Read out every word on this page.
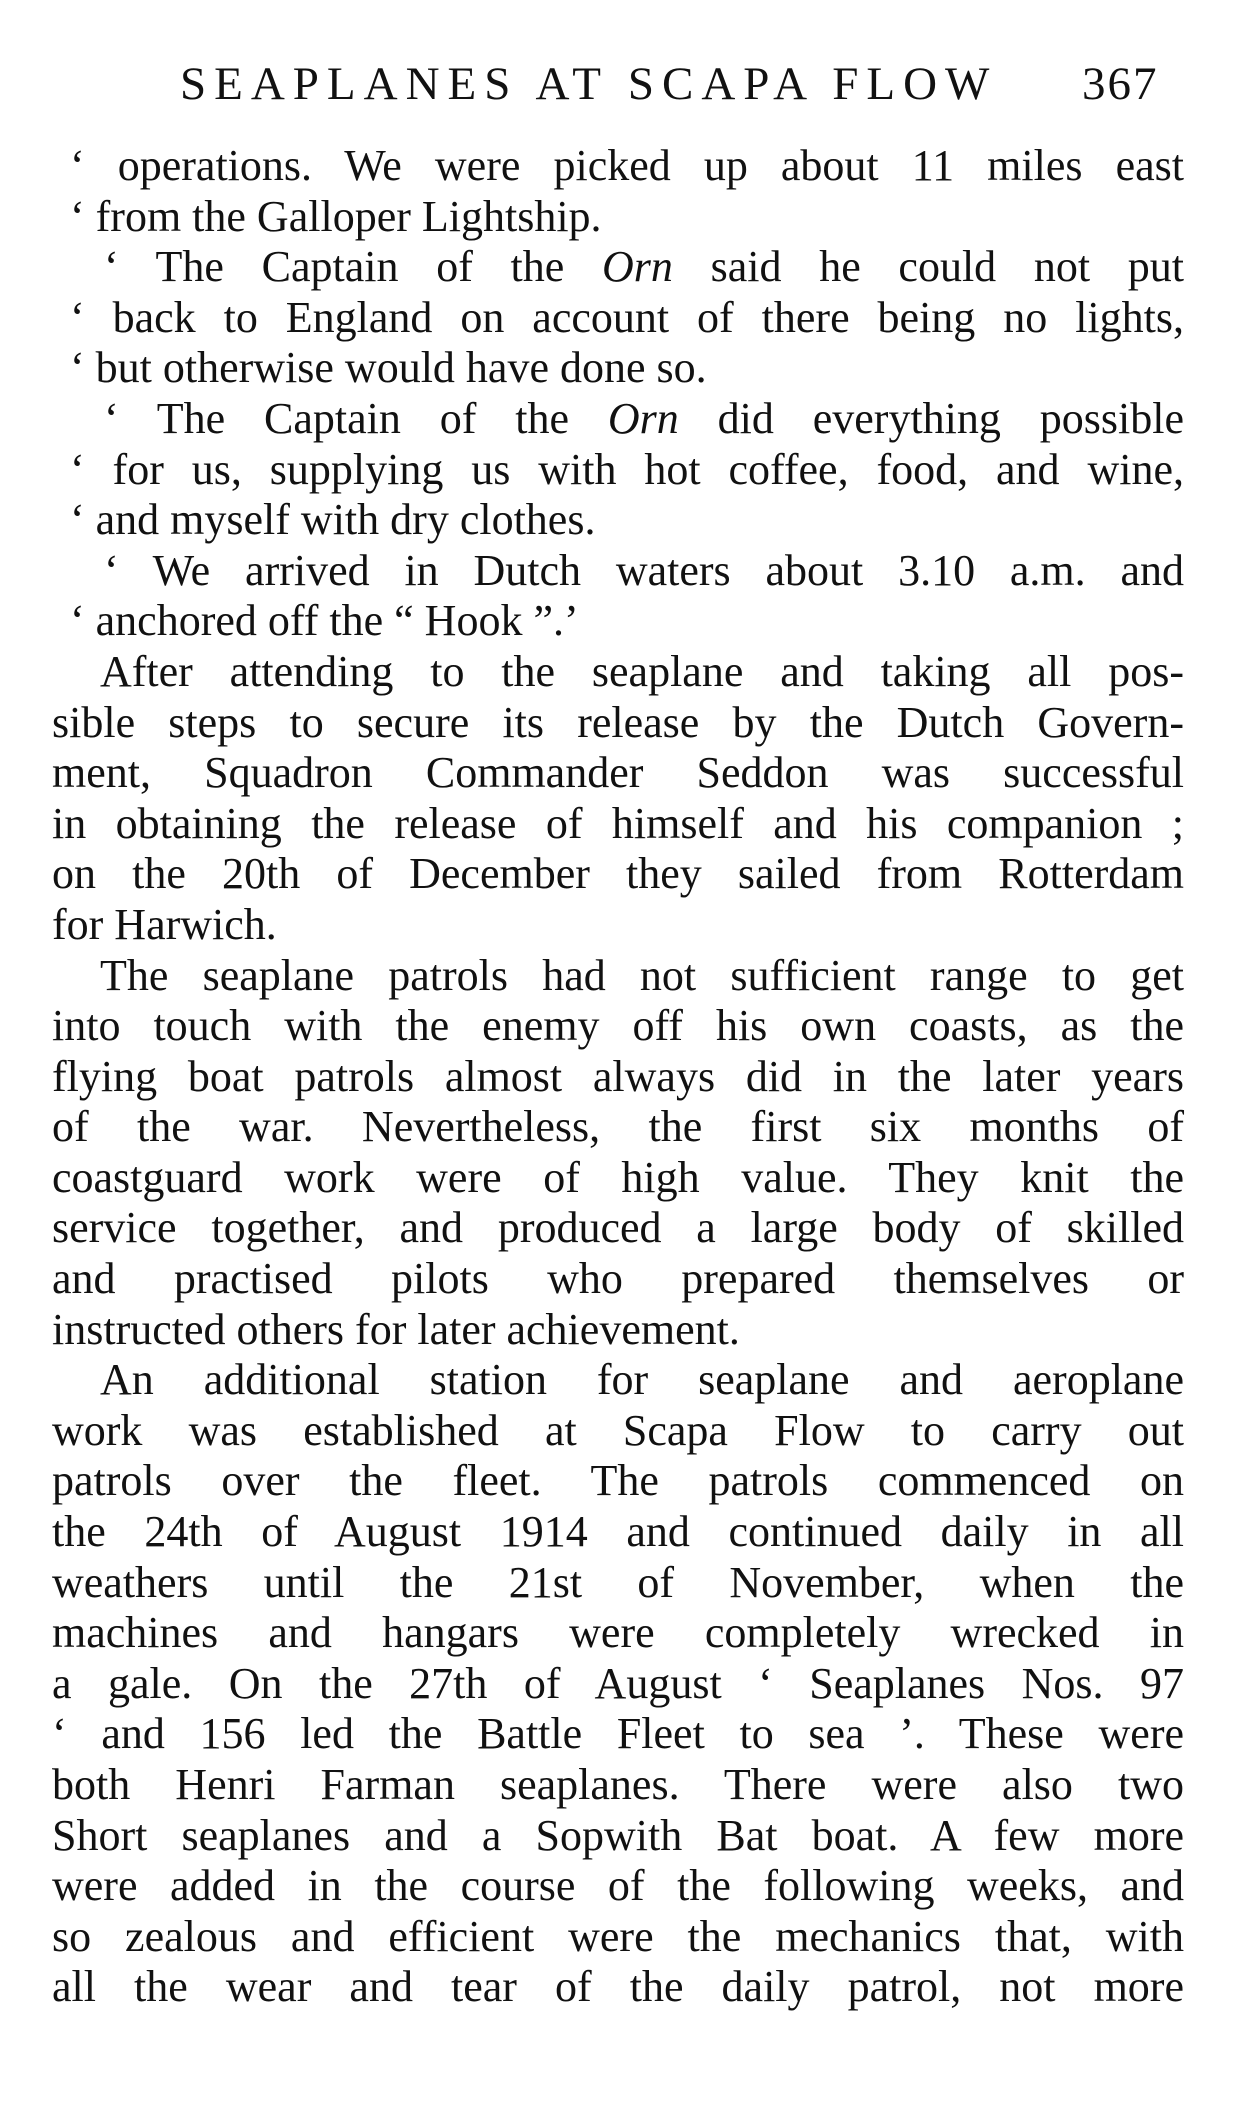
SEAPLANES AT SCAPA FLOW 367
‘ operations. We were picked up about 11 miles east
‘ from the Galloper Lightship.
‘ The Captain of the Orn said he could not put
‘ back to England on account of there being no lights,
‘ but otherwise would have done so.
‘ The Captain of the Orn did everything possible
‘ for us, supplying us with hot coffee, food, and wine,
‘ and myself with dry clothes.
‘ We arrived in Dutch waters about 3.10 a.m. and
‘ anchored off the “ Hook ”.’
After attending to the seaplane and taking all pos-
sible steps to secure its release by the Dutch Govern-
ment, Squadron Commander Seddon was successful
in obtaining the release of himself and his companion ;
on the 20th of December they sailed from Rotterdam
for Harwich.
The seaplane patrols had not sufficient range to get
into touch with the enemy off his own coasts, as the
flying boat patrols almost always did in the later years
of the war. Nevertheless, the first six months of
coastguard work were of high value. They knit the
service together, and produced a large body of skilled
and practised pilots who prepared themselves or
instructed others for later achievement.
An additional station for seaplane and aeroplane
work was established at Scapa Flow to carry out
patrols over the fleet. The patrols commenced on
the 24th of August 1914 and continued daily in all
weathers until the 21st of November, when the
machines and hangars were completely wrecked in
a gale. On the 27th of August ‘ Seaplanes Nos. 97
‘ and 156 led the Battle Fleet to sea ’. These were
both Henri Farman seaplanes. There were also two
Short seaplanes and a Sopwith Bat boat. A few more
were added in the course of the following weeks, and
so zealous and efficient were the mechanics that, with
all the wear and tear of the daily patrol, not more
